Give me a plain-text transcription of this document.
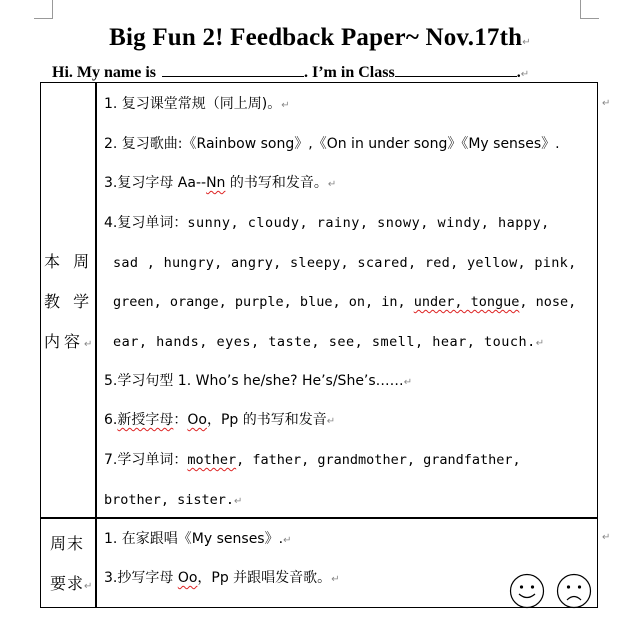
Big Fun 2! Feedback Paper~ Nov.17th↵
Hi. My name is	. I’m in Class	.↵
↵
↵
本 周
教 学
内容↵
周末
要求↵
1. 复习课堂常规（同上周)。↵
2. 复习歌曲:《Rainbow song》,《On in under song》《My senses》.
3.复习字母 Aa--Nn 的书写和发音。↵
4.复习单词：sunny, cloudy, rainy, snowy, windy, happy,
sad , hungry, angry, sleepy, scared, red, yellow, pink,
green, orange, purple, blue, on, in, under, tongue, nose,
ear, hands, eyes, taste, see, smell, hear, touch.↵
5.学习句型 1. Who’s he/she? He’s/She’s……↵
6.新授字母：Oo，Pp 的书写和发音↵
7.学习单词：mother, father, grandmother, grandfather,
brother, sister.↵
1. 在家跟唱《My senses》.↵
3.抄写字母 Oo，Pp 并跟唱发音歌。↵
